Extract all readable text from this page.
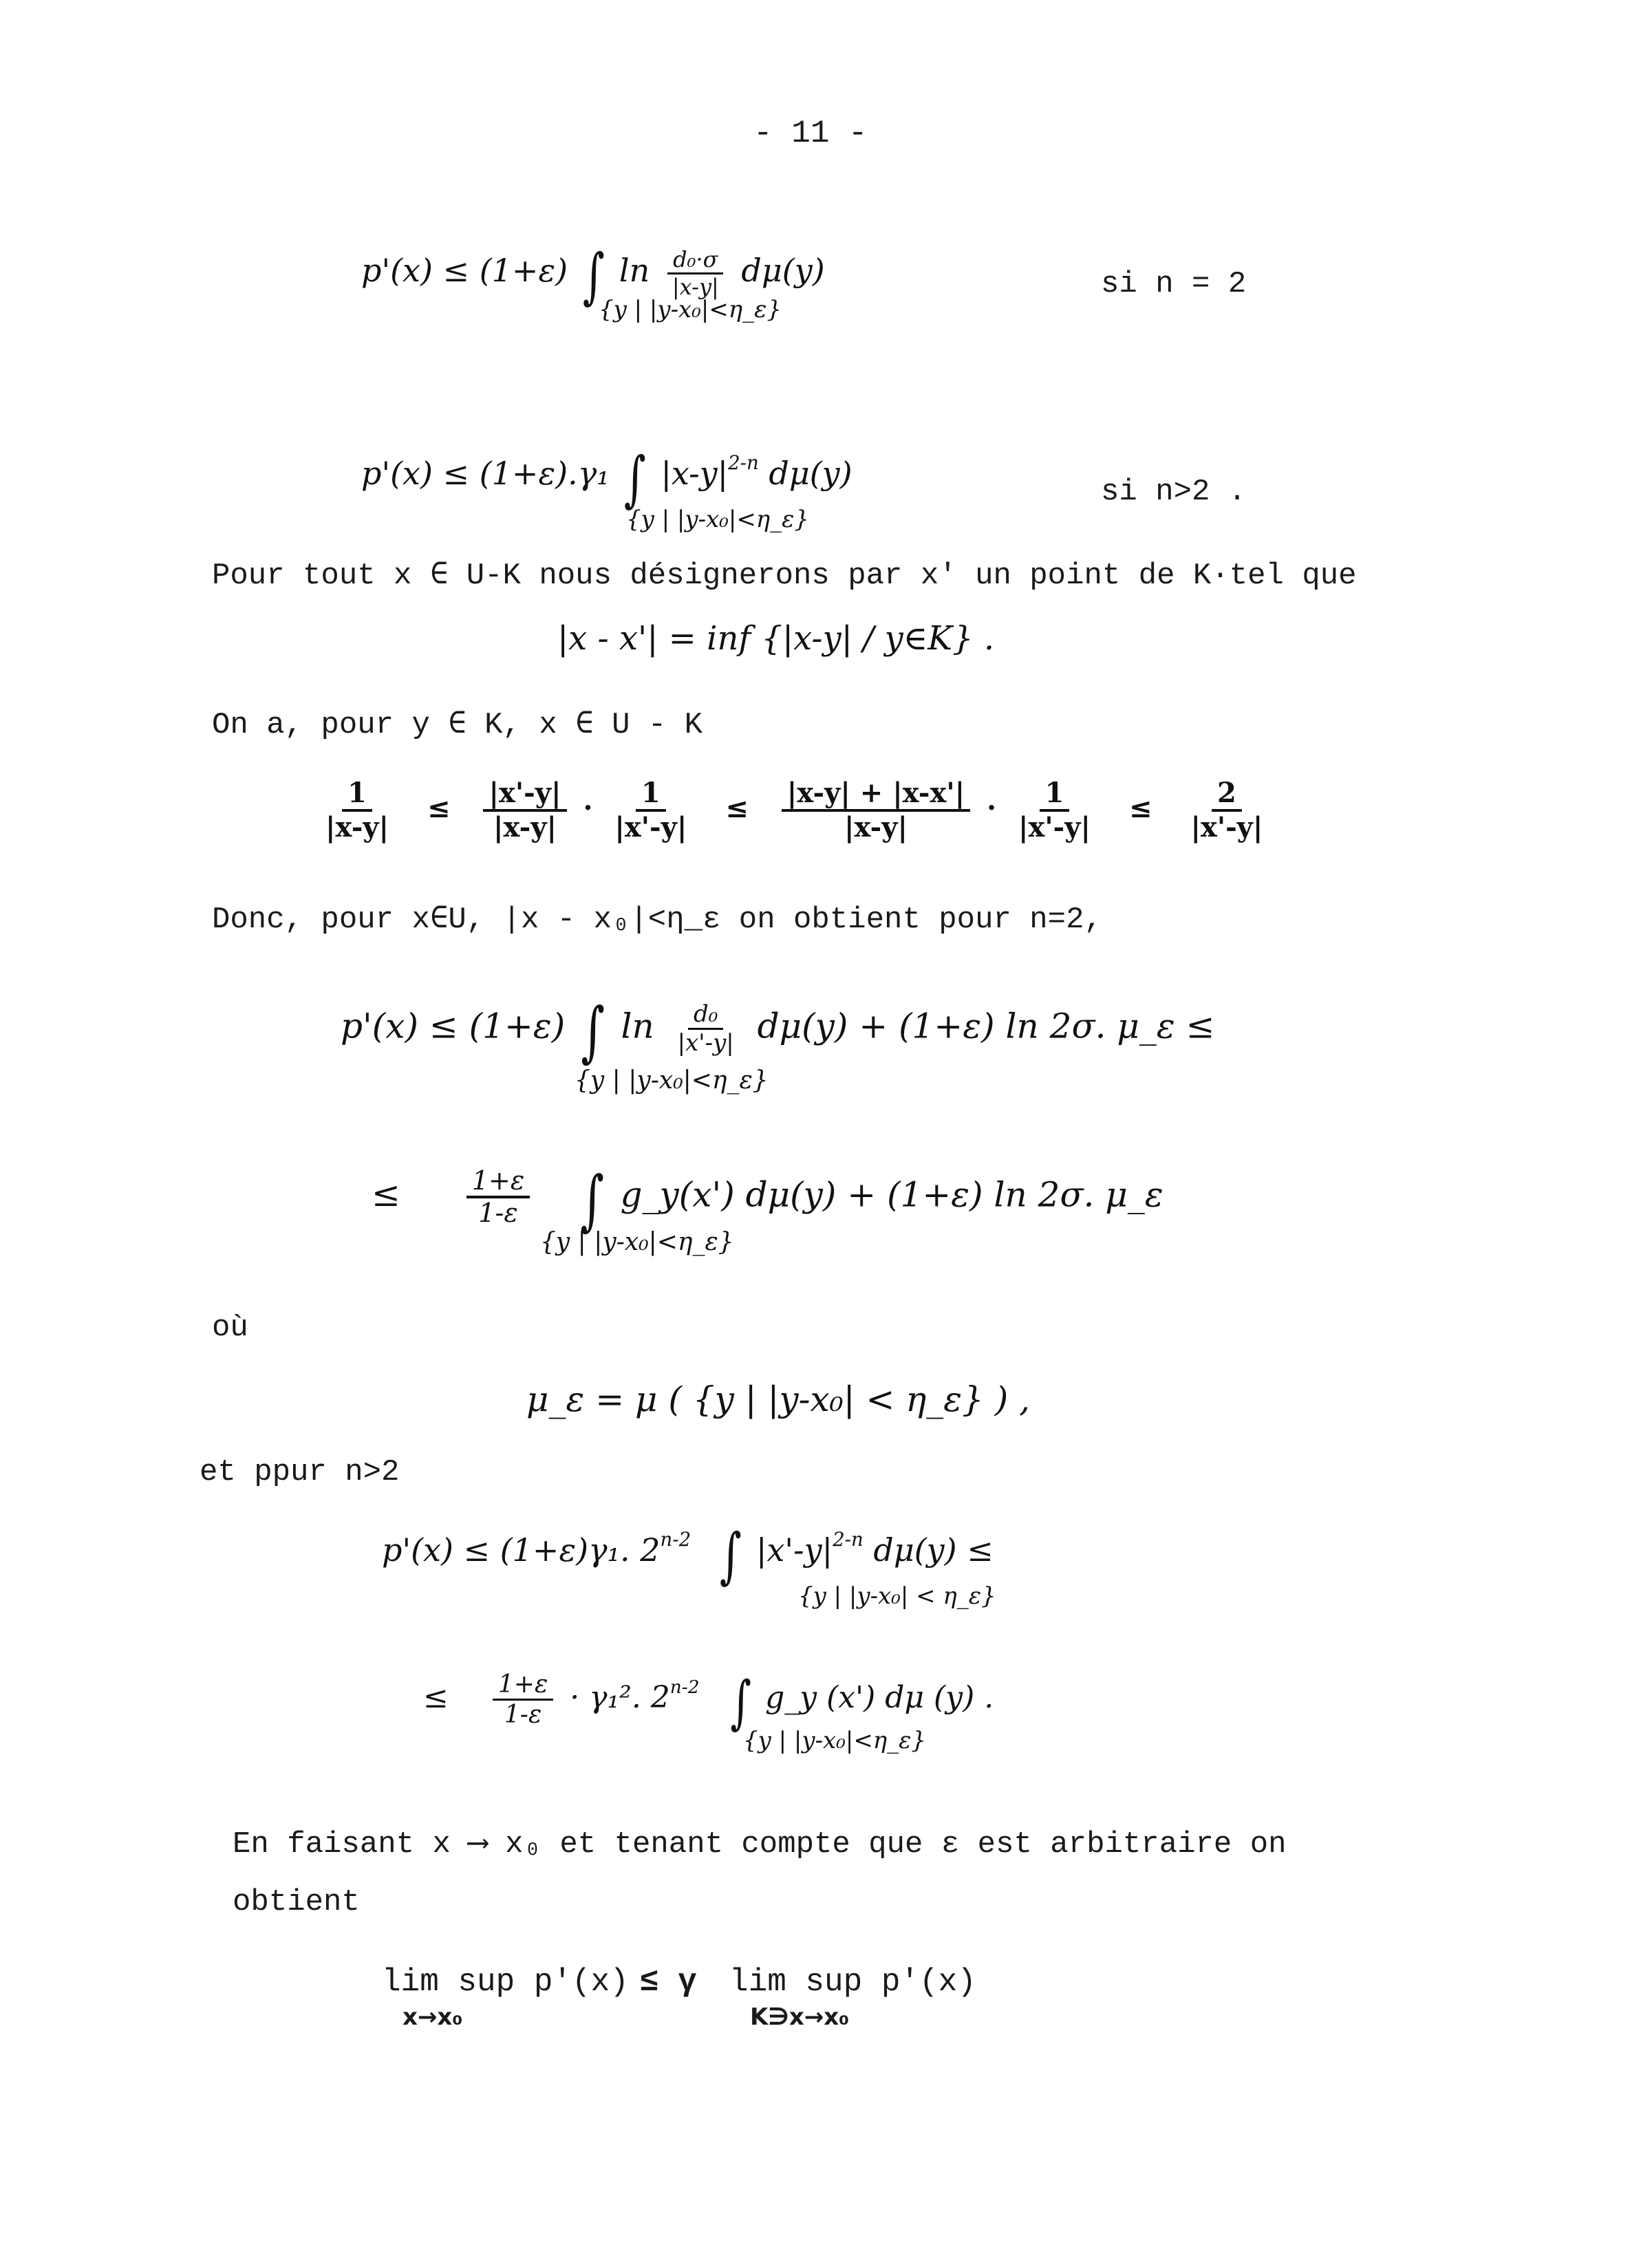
- 11 -
p'(x) ≤ (1+ε) ∫ $\ln \frac{\text{d₀·σ}}{|x-y|} d\mu(y)$
{y | |y-x₀|<η_ε}
si n = 2
p'(x) ≤ (1+ε).γ₁ ∫ $|x-y|^{2-n}$ dμ(y)
{y | |y-x₀|<η_ε}
si n>2 .
Pour tout x ∈ U-K nous désignerons par x' un point de K·tel que
|x - x'| = inf {|x-y| / y∈K} .
On a, pour y ∈ K, x ∈ U - K
$\frac{1}{|x-y|} \le \frac{|x'-y|}{|x-y|} \cdot \frac{1}{|x'-y|} \le \frac{|x-y| + |x-x'|}{|x-y|} \cdot \frac{1}{|x'-y|} \le \frac{2}{|x'-y|}$
Donc, pour x∈U, |x - x₀|<η_ε on obtient pour n=2,
p'(x) ≤ (1+ε) ∫ $\ln \frac{\text{d₀}}{|x'-y|} d\mu(y) + (1+\varepsilon)$ ln 2σ. μ_ε ≤
{y | |y-x₀|<η_ε}
≤	$\frac{1+\varepsilon}{1-\varepsilon}$ ∫ g_y(x') dμ(y) + (1+ε) ln 2σ. μ_ε
{y | |y-x₀|<η_ε}
où
μ_ε = μ ( {y | |y-x₀| < η_ε} ) ,
et ppur n>2
p'(x) ≤ (1+ε)γ₁. 2$^{n-2}$ ∫ $|x'-y|^{2-n}$ dμ(y) ≤
{y | |y-x₀| < η_ε}
≤ $\frac{1+\varepsilon}{1-\varepsilon} \cdot \gamma_1^2$. 2$^{n-2}$ ∫ g_y (x') dμ (y) .
{y | |y-x₀|<η_ε}
En faisant x ⟶ x₀ et tenant compte que ε est arbitraire on
obtient
lim sup p'(x)
x→x₀
≤ γ lim sup p'(x)
K∋x→x₀
